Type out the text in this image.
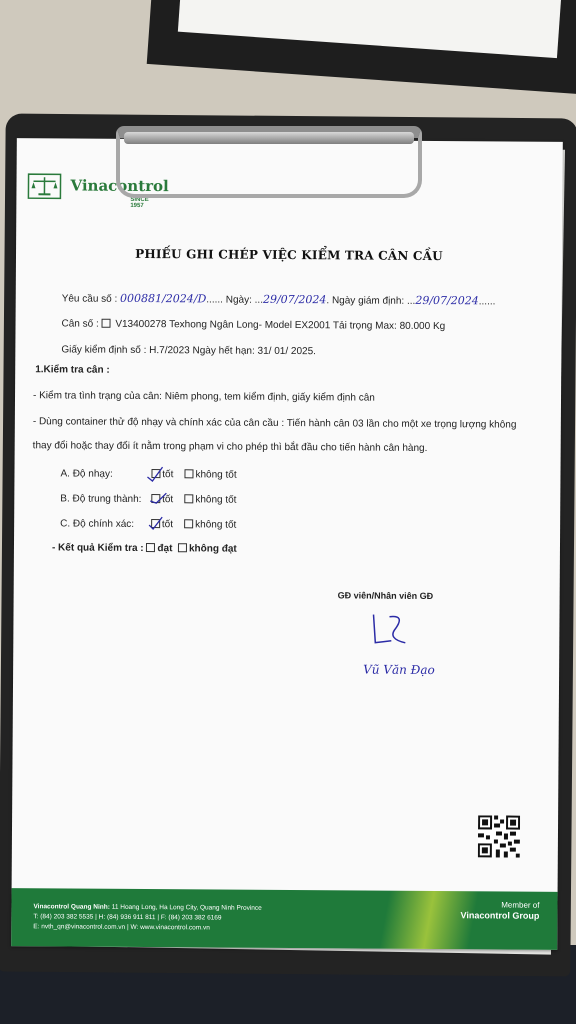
Vinacontrol
SINCE 1957
PHIẾU GHI CHÉP VIỆC KIỂM TRA CÂN CẦU
Yêu cầu số : 000881/2024/D...... Ngày: ...29/07/2024. Ngày giám định: ...29/07/2024......
Cân số : V13400278 Texhong Ngân Long- Model EX2001 Tải trọng Max: 80.000 Kg
Giấy kiểm định số : H.7/2023 Ngày hết hạn: 31/ 01/ 2025.
1.Kiểm tra cân :
- Kiểm tra tình trạng của cân: Niêm phong, tem kiểm định, giấy kiểm định cân
- Dùng container thử độ nhạy và chính xác của cân cầu : Tiến hành cân 03 lần cho một xe trọng lượng không
thay đổi hoặc thay đổi ít nằm trong phạm vi cho phép thì bắt đầu cho tiến hành cân hàng.
A. Độ nhạy:	tốt không tốt
B. Độ trung thành: tốt không tốt
C. Độ chính xác:	tốt không tốt
- Kết quả Kiểm tra : đạt không đạt
GĐ viên/Nhân viên GĐ
Vũ Văn Đạo
Vinacontrol Quang Ninh: 11 Hoang Long, Ha Long City, Quang Ninh Province
T: (84) 203 382 5535 | H: (84) 936 911 811 | F: (84) 203 382 6169
E: nvth_qn@vinacontrol.com.vn | W: www.vinacontrol.com.vn
Member of
Vinacontrol Group
